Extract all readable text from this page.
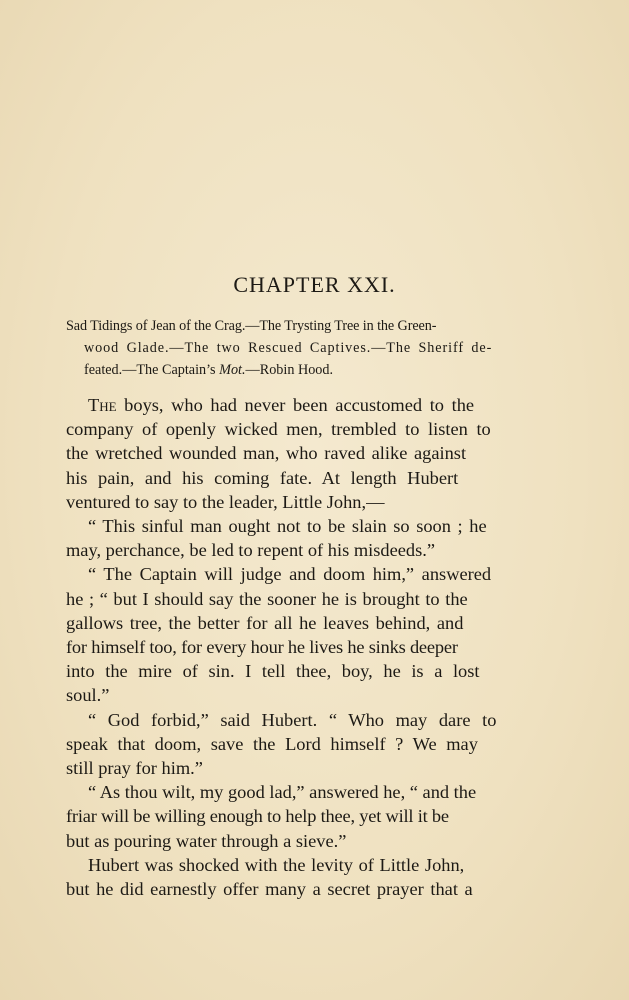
CHAPTER XXI.
Sad Tidings of Jean of the Crag.—The Trysting Tree in the Green-
wood Glade.—The two Rescued Captives.—The Sheriff de-
feated.—The Captain’s Mot.—Robin Hood.
The boys, who had never been accustomed to the
company of openly wicked men, trembled to listen to
the wretched wounded man, who raved alike against
his pain, and his coming fate. At length Hubert
ventured to say to the leader, Little John,—
“ This sinful man ought not to be slain so soon ; he
may, perchance, be led to repent of his misdeeds.”
“ The Captain will judge and doom him,” answered
he ; “ but I should say the sooner he is brought to the
gallows tree, the better for all he leaves behind, and
for himself too, for every hour he lives he sinks deeper
into the mire of sin. I tell thee, boy, he is a lost
soul.”
“ God forbid,” said Hubert. “ Who may dare to
speak that doom, save the Lord himself ? We may
still pray for him.”
“ As thou wilt, my good lad,” answered he, “ and the
friar will be willing enough to help thee, yet will it be
but as pouring water through a sieve.”
Hubert was shocked with the levity of Little John,
but he did earnestly offer many a secret prayer that a
